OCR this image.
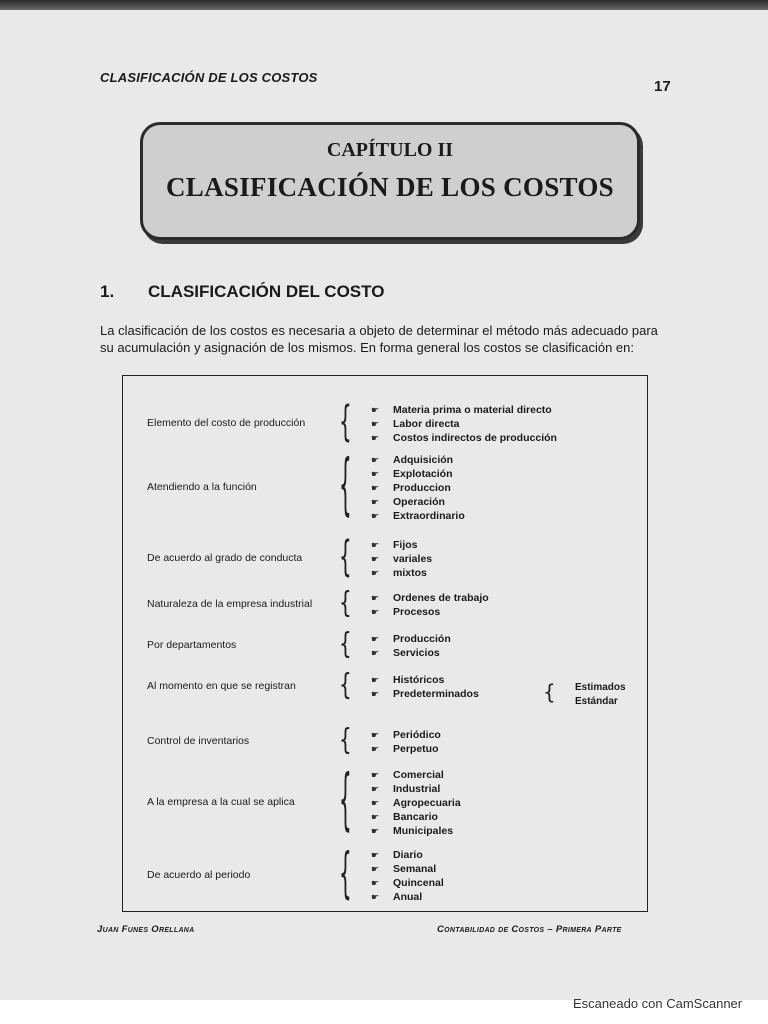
CLASIFICACIÓN DE LOS COSTOS
17
CAPÍTULO II
CLASIFICACIÓN DE LOS COSTOS
1. CLASIFICACIÓN DEL COSTO
La clasificación de los costos es necesaria a objeto de determinar el método más adecuado para su acumulación y asignación de los mismos. En forma general los costos se clasificación en:
Elemento del costo de producción { ☛ Materia prima o material directo
☛ Labor directa
☛ Costos indirectos de producción
Atendiendo a la función	{ ☛ Adquisición
☛ Explotación
☛ Produccion
☛ Operación
☛ Extraordinario
De acuerdo al grado de conducta { ☛ Fijos
☛ variales
☛ mixtos
Naturaleza de la empresa industrial { ☛ Ordenes de trabajo
☛ Procesos
Por departamentos	{ ☛ Producción
☛ Servicios
Al momento en que se registran { ☛ Históricos
☛ Predeterminados	{ Estimados
Estándar
Control de inventarios	{ ☛ Periódico
☛ Perpetuo
A la empresa a la cual se aplica { ☛ Comercial
☛ Industrial
☛ Agropecuaria
☛ Bancario
☛ Municipales
De acuerdo al periodo	{ ☛ Diario
☛ Semanal
☛ Quincenal
☛ Anual
Juan Funes Orellana	Contabilidad de Costos – Primera Parte
Escaneado con CamScanner
